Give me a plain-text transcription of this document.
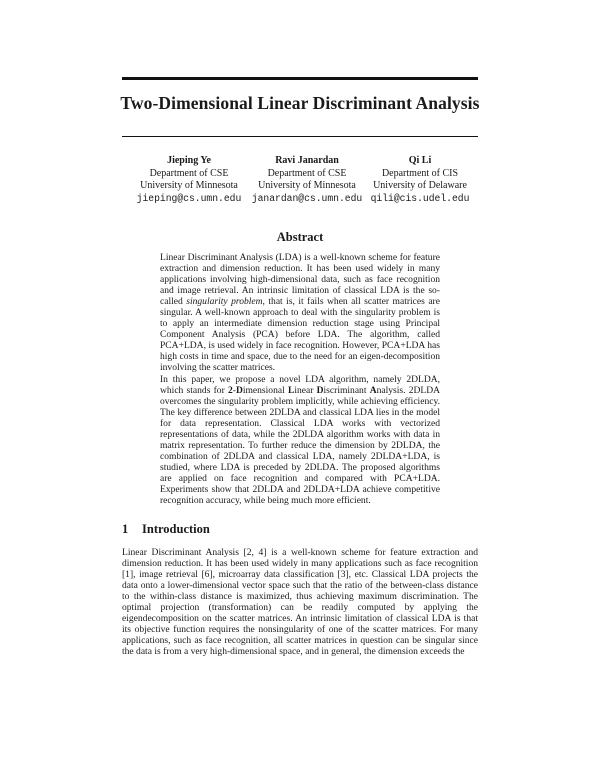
Two-Dimensional Linear Discriminant Analysis
Jieping Ye
Department of CSE
University of Minnesota
jieping@cs.umn.edu
Ravi Janardan
Department of CSE
University of Minnesota
janardan@cs.umn.edu
Qi Li
Department of CIS
University of Delaware
qili@cis.udel.edu
Abstract

Linear Discriminant Analysis (LDA) is a well-known scheme for feature extraction and dimension reduction. It has been used widely in many applications involving high-dimensional data, such as face recognition and image retrieval. An intrinsic limitation of classical LDA is the so-called singularity problem, that is, it fails when all scatter matrices are singular. A well-known approach to deal with the singularity problem is to apply an intermediate dimension reduction stage using Principal Component Analysis (PCA) before LDA. The algorithm, called PCA+LDA, is used widely in face recognition. However, PCA+LDA has high costs in time and space, due to the need for an eigen-decomposition involving the scatter matrices.

In this paper, we propose a novel LDA algorithm, namely 2DLDA, which stands for 2-Dimensional Linear Discriminant Analysis. 2DLDA overcomes the singularity problem implicitly, while achieving efficiency. The key difference between 2DLDA and classical LDA lies in the model for data representation. Classical LDA works with vectorized representations of data, while the 2DLDA algorithm works with data in matrix representation. To further reduce the dimension by 2DLDA, the combination of 2DLDA and classical LDA, namely 2DLDA+LDA, is studied, where LDA is preceded by 2DLDA. The proposed algorithms are applied on face recognition and compared with PCA+LDA. Experiments show that 2DLDA and 2DLDA+LDA achieve competitive recognition accuracy, while being much more efficient.

1 Introduction

Linear Discriminant Analysis [2, 4] is a well-known scheme for feature extraction and dimension reduction. It has been used widely in many applications such as face recognition [1], image retrieval [6], microarray data classification [3], etc. Classical LDA projects the data onto a lower-dimensional vector space such that the ratio of the between-class distance to the within-class distance is maximized, thus achieving maximum discrimination. The optimal projection (transformation) can be readily computed by applying the eigendecomposition on the scatter matrices. An intrinsic limitation of classical LDA is that its objective function requires the nonsingularity of one of the scatter matrices. For many applications, such as face recognition, all scatter matrices in question can be singular since the data is from a very high-dimensional space, and in general, the dimension exceeds the
